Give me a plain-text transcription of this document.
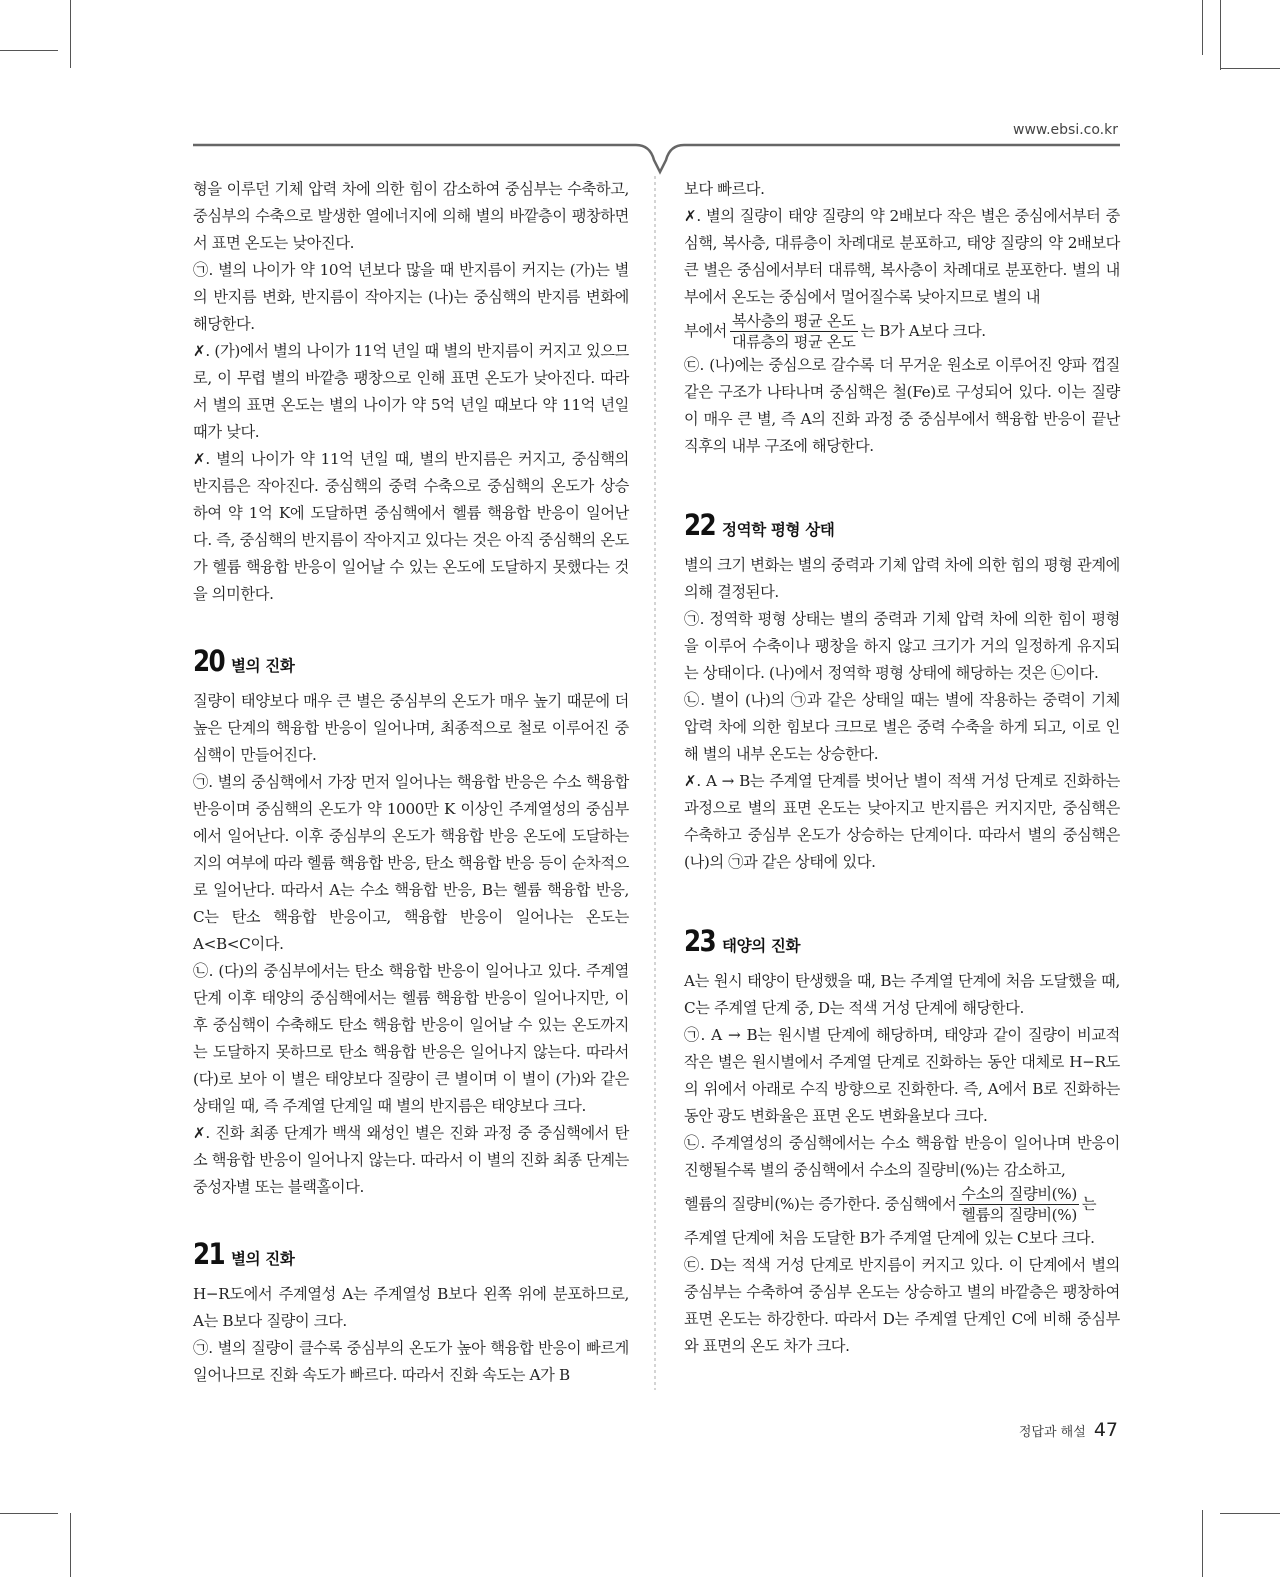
www.ebsi.co.kr

형을 이루던 기체 압력 차에 의한 힘이 감소하여 중심부는 수축하고, 중심부의 수축으로 발생한 열에너지에 의해 별의 바깥층이 팽창하면서 표면 온도는 낮아진다.

㉠. 별의 나이가 약 10억 년보다 많을 때 반지름이 커지는 (가)는 별의 반지름 변화, 반지름이 작아지는 (나)는 중심핵의 반지름 변화에 해당한다.

✗. (가)에서 별의 나이가 11억 년일 때 별의 반지름이 커지고 있으므로, 이 무렵 별의 바깥층 팽창으로 인해 표면 온도가 낮아진다. 따라서 별의 표면 온도는 별의 나이가 약 5억 년일 때보다 약 11억 년일 때가 낮다.

✗. 별의 나이가 약 11억 년일 때, 별의 반지름은 커지고, 중심핵의 반지름은 작아진다. 중심핵의 중력 수축으로 중심핵의 온도가 상승하여 약 1억 K에 도달하면 중심핵에서 헬륨 핵융합 반응이 일어난다. 즉, 중심핵의 반지름이 작아지고 있다는 것은 아직 중심핵의 온도가 헬륨 핵융합 반응이 일어날 수 있는 온도에 도달하지 못했다는 것을 의미한다.

20 별의 진화

질량이 태양보다 매우 큰 별은 중심부의 온도가 매우 높기 때문에 더 높은 단계의 핵융합 반응이 일어나며, 최종적으로 철로 이루어진 중심핵이 만들어진다.

㉠. 별의 중심핵에서 가장 먼저 일어나는 핵융합 반응은 수소 핵융합 반응이며 중심핵의 온도가 약 1000만 K 이상인 주계열성의 중심부에서 일어난다. 이후 중심부의 온도가 핵융합 반응 온도에 도달하는지의 여부에 따라 헬륨 핵융합 반응, 탄소 핵융합 반응 등이 순차적으로 일어난다. 따라서 A는 수소 핵융합 반응, B는 헬륨 핵융합 반응, C는 탄소 핵융합 반응이고, 핵융합 반응이 일어나는 온도는 A<B<C이다.

㉡. (다)의 중심부에서는 탄소 핵융합 반응이 일어나고 있다. 주계열 단계 이후 태양의 중심핵에서는 헬륨 핵융합 반응이 일어나지만, 이후 중심핵이 수축해도 탄소 핵융합 반응이 일어날 수 있는 온도까지는 도달하지 못하므로 탄소 핵융합 반응은 일어나지 않는다. 따라서 (다)로 보아 이 별은 태양보다 질량이 큰 별이며 이 별이 (가)와 같은 상태일 때, 즉 주계열 단계일 때 별의 반지름은 태양보다 크다.

✗. 진화 최종 단계가 백색 왜성인 별은 진화 과정 중 중심핵에서 탄소 핵융합 반응이 일어나지 않는다. 따라서 이 별의 진화 최종 단계는 중성자별 또는 블랙홀이다.

21 별의 진화

H−R도에서 주계열성 A는 주계열성 B보다 왼쪽 위에 분포하므로, A는 B보다 질량이 크다.

㉠. 별의 질량이 클수록 중심부의 온도가 높아 핵융합 반응이 빠르게 일어나므로 진화 속도가 빠르다. 따라서 진화 속도는 A가 B

보다 빠르다.

✗. 별의 질량이 태양 질량의 약 2배보다 작은 별은 중심에서부터 중심핵, 복사층, 대류층이 차례대로 분포하고, 태양 질량의 약 2배보다 큰 별은 중심에서부터 대류핵, 복사층이 차례대로 분포한다. 별의 내부에서 온도는 중심에서 멀어질수록 낮아지므로 별의 내

부에서 $\frac{\text{복사층의 평균 온도}}{\text{대류층의 평균 온도}}$ 는 B가 A보다 크다.

㉢. (나)에는 중심으로 갈수록 더 무거운 원소로 이루어진 양파 껍질 같은 구조가 나타나며 중심핵은 철(Fe)로 구성되어 있다. 이는 질량이 매우 큰 별, 즉 A의 진화 과정 중 중심부에서 핵융합 반응이 끝난 직후의 내부 구조에 해당한다.

22 정역학 평형 상태

별의 크기 변화는 별의 중력과 기체 압력 차에 의한 힘의 평형 관계에 의해 결정된다.

㉠. 정역학 평형 상태는 별의 중력과 기체 압력 차에 의한 힘이 평형을 이루어 수축이나 팽창을 하지 않고 크기가 거의 일정하게 유지되는 상태이다. (나)에서 정역학 평형 상태에 해당하는 것은 ㉡이다.

㉡. 별이 (나)의 ㉠과 같은 상태일 때는 별에 작용하는 중력이 기체 압력 차에 의한 힘보다 크므로 별은 중력 수축을 하게 되고, 이로 인해 별의 내부 온도는 상승한다.

✗. A → B는 주계열 단계를 벗어난 별이 적색 거성 단계로 진화하는 과정으로 별의 표면 온도는 낮아지고 반지름은 커지지만, 중심핵은 수축하고 중심부 온도가 상승하는 단계이다. 따라서 별의 중심핵은 (나)의 ㉠과 같은 상태에 있다.

23 태양의 진화

A는 원시 태양이 탄생했을 때, B는 주계열 단계에 처음 도달했을 때, C는 주계열 단계 중, D는 적색 거성 단계에 해당한다.

㉠. A → B는 원시별 단계에 해당하며, 태양과 같이 질량이 비교적 작은 별은 원시별에서 주계열 단계로 진화하는 동안 대체로 H−R도의 위에서 아래로 수직 방향으로 진화한다. 즉, A에서 B로 진화하는 동안 광도 변화율은 표면 온도 변화율보다 크다.

㉡. 주계열성의 중심핵에서는 수소 핵융합 반응이 일어나며 반응이 진행될수록 별의 중심핵에서 수소의 질량비(%)는 감소하고,

헬륨의 질량비(%)는 증가한다. 중심핵에서 $\frac{\text{수소의 질량비(\%)}}{\text{헬륨의 질량비(\%)}}$ 는

주계열 단계에 처음 도달한 B가 주계열 단계에 있는 C보다 크다.

㉢. D는 적색 거성 단계로 반지름이 커지고 있다. 이 단계에서 별의 중심부는 수축하여 중심부 온도는 상승하고 별의 바깥층은 팽창하여 표면 온도는 하강한다. 따라서 D는 주계열 단계인 C에 비해 중심부와 표면의 온도 차가 크다.

정답과 해설 47
